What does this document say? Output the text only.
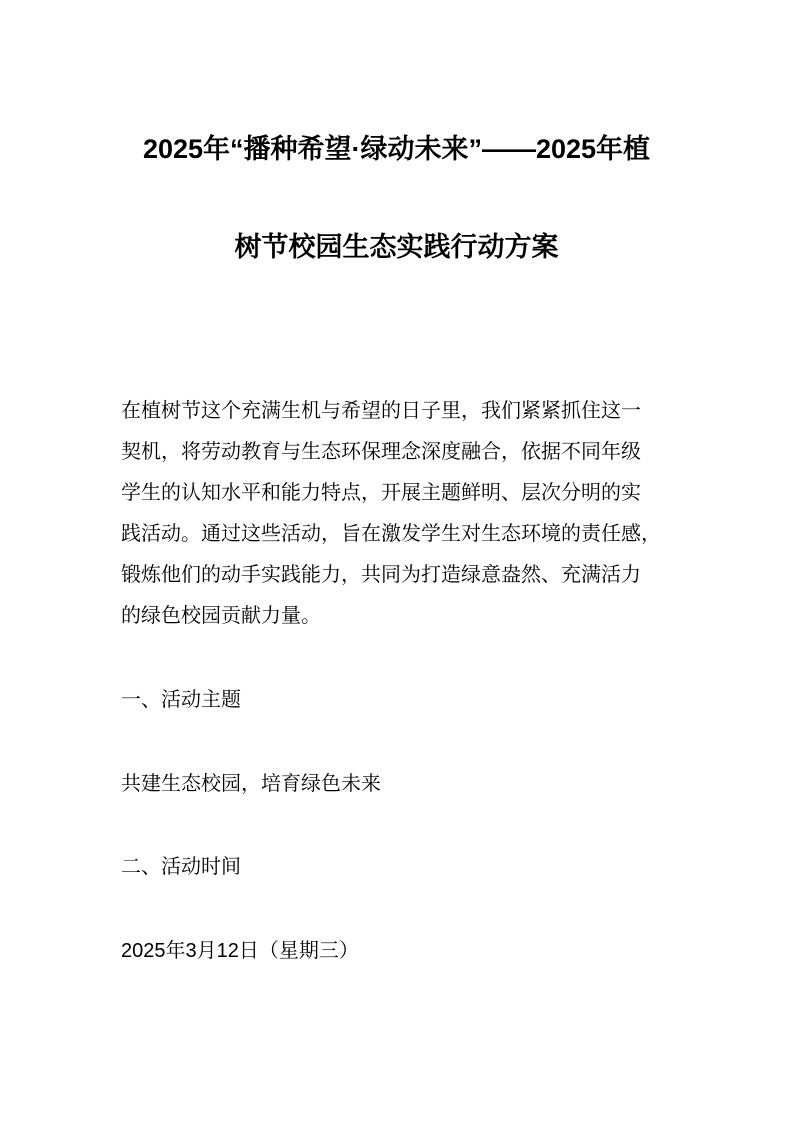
2025年“播种希望·绿动未来”——2025年植
树节校园生态实践行动方案
在植树节这个充满生机与希望的日子里，我们紧紧抓住这一
契机，将劳动教育与生态环保理念深度融合，依据不同年级
学生的认知水平和能力特点，开展主题鲜明、层次分明的实
践活动。通过这些活动，旨在激发学生对生态环境的责任感，
锻炼他们的动手实践能力，共同为打造绿意盎然、充满活力
的绿色校园贡献力量。
一、活动主题
共建生态校园，培育绿色未来
二、活动时间
2025年3月12日（星期三）
